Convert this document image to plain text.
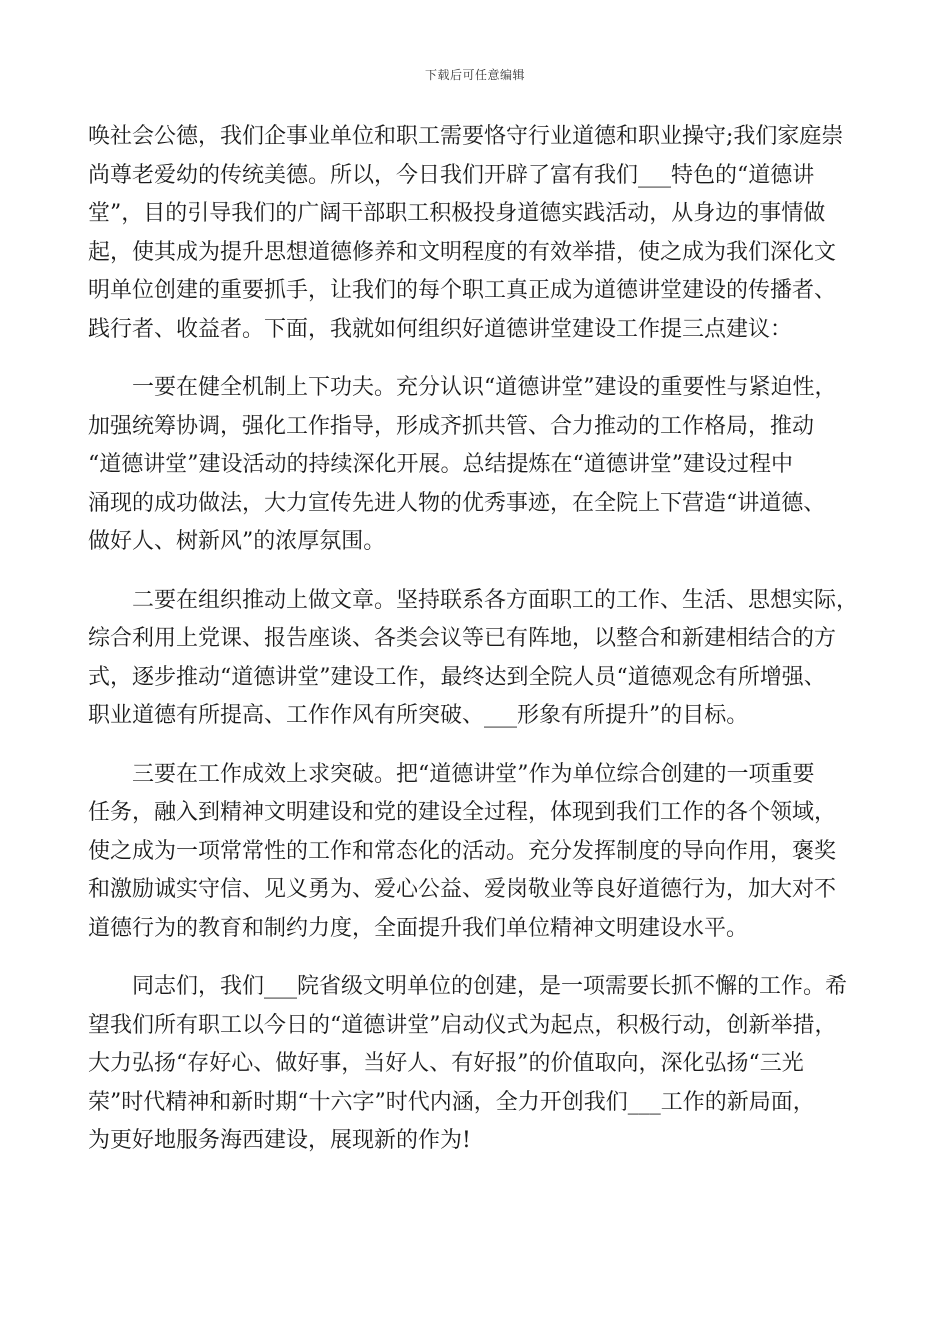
下载后可任意编辑

唤社会公德，我们企事业单位和职工需要恪守行业道德和职业操守;我们家庭崇
尚尊老爱幼的传统美德。所以，今日我们开辟了富有我们___特色的“道德讲
堂”，目的引导我们的广阔干部职工积极投身道德实践活动，从身边的事情做
起，使其成为提升思想道德修养和文明程度的有效举措，使之成为我们深化文
明单位创建的重要抓手，让我们的每个职工真正成为道德讲堂建设的传播者、
践行者、收益者。下面，我就如何组织好道德讲堂建设工作提三点建议：

一要在健全机制上下功夫。充分认识“道德讲堂”建设的重要性与紧迫性，
加强统筹协调，强化工作指导，形成齐抓共管、合力推动的工作格局，推动
“道德讲堂”建设活动的持续深化开展。总结提炼在“道德讲堂”建设过程中
涌现的成功做法，大力宣传先进人物的优秀事迹，在全院上下营造“讲道德、
做好人、树新风”的浓厚氛围。

二要在组织推动上做文章。坚持联系各方面职工的工作、生活、思想实际，
综合利用上党课、报告座谈、各类会议等已有阵地，以整合和新建相结合的方
式，逐步推动“道德讲堂”建设工作，最终达到全院人员“道德观念有所增强、
职业道德有所提高、工作作风有所突破、___形象有所提升”的目标。

三要在工作成效上求突破。把“道德讲堂”作为单位综合创建的一项重要
任务，融入到精神文明建设和党的建设全过程，体现到我们工作的各个领域，
使之成为一项常常性的工作和常态化的活动。充分发挥制度的导向作用，褒奖
和激励诚实守信、见义勇为、爱心公益、爱岗敬业等良好道德行为，加大对不
道德行为的教育和制约力度，全面提升我们单位精神文明建设水平。

同志们，我们___院省级文明单位的创建，是一项需要长抓不懈的工作。希
望我们所有职工以今日的“道德讲堂”启动仪式为起点，积极行动，创新举措，
大力弘扬“存好心、做好事，当好人、有好报”的价值取向，深化弘扬“三光
荣”时代精神和新时期“十六字”时代内涵，全力开创我们___工作的新局面，
为更好地服务海西建设，展现新的作为!
